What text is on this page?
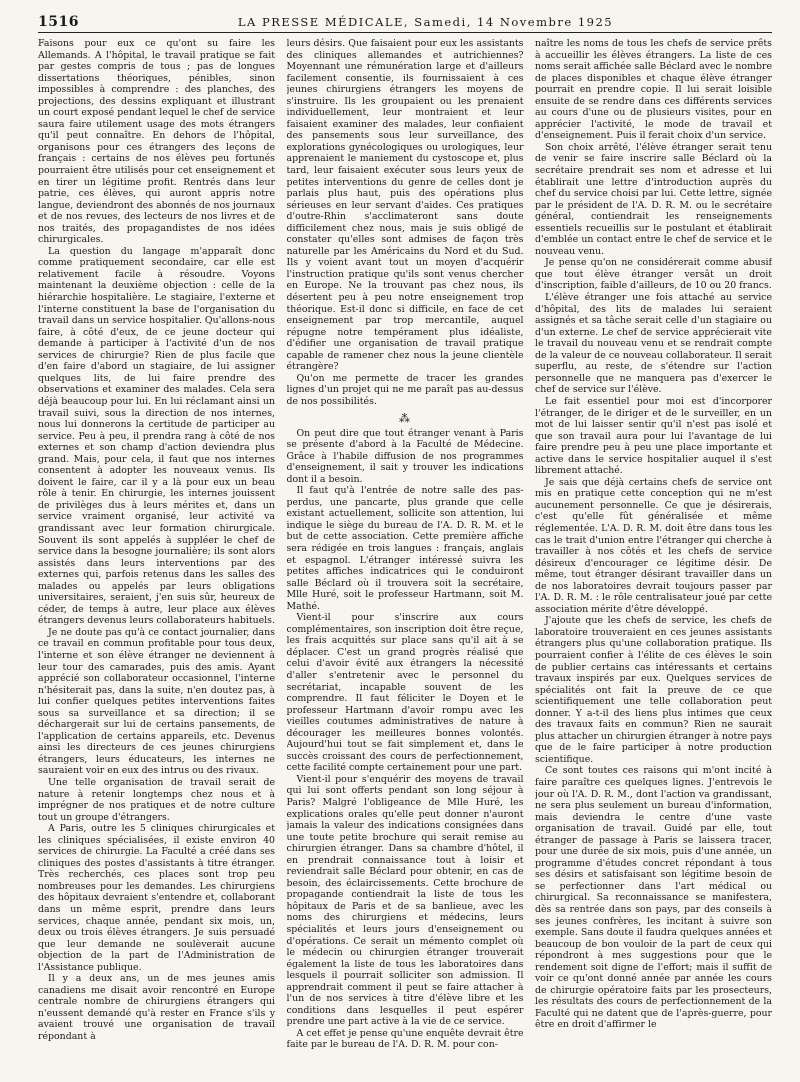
1516	LA PRESSE MÉDICALE, Samedi, 14 Novembre 1925

Faisons pour eux ce qu'ont su faire les Allemands. A l'hôpital, le travail pratique se fait par gestes compris de tous ; pas de longues dissertations théoriques, pénibles, sinon impossibles à comprendre : des planches, des projections, des dessins expliquant et illustrant un court exposé pendant lequel le chef de service saura faire utilement usage des mots étrangers qu'il peut connaître. En dehors de l'hôpital, organisons pour ces étrangers des leçons de français : certains de nos élèves peu fortunés pourraient être utilisés pour cet enseignement et en tirer un légitime profit. Rentrés dans leur patrie, ces élèves, qui auront appris notre langue, deviendront des abonnés de nos journaux et de nos revues, des lecteurs de nos livres et de nos traités, des propagandistes de nos idées chirurgicales.

La question du langage m'apparaît donc comme pratiquement secondaire, car elle est relativement facile à résoudre. Voyons maintenant la deuxième objection : celle de la hiérarchie hospitalière. Le stagiaire, l'externe et l'interne constituent la base de l'organisation du travail dans un service hospitalier. Qu'allons-nous faire, à côté d'eux, de ce jeune docteur qui demande à participer à l'activité d'un de nos services de chirurgie? Rien de plus facile que d'en faire d'abord un stagiaire, de lui assigner quelques lits, de lui faire prendre des observations et examiner des malades. Cela sera déjà beaucoup pour lui. En lui réclamant ainsi un travail suivi, sous la direction de nos internes, nous lui donnerons la certitude de participer au service. Peu à peu, il prendra rang à côté de nos externes et son champ d'action deviendra plus grand. Mais, pour cela, il faut que nos internes consentent à adopter les nouveaux venus. Ils doivent le faire, car il y a là pour eux un beau rôle à tenir. En chirurgie, les internes jouissent de privilèges dus à leurs mérites et, dans un service vraiment organisé, leur activité va grandissant avec leur formation chirurgicale. Souvent ils sont appelés à suppléer le chef de service dans la besogne journalière; ils sont alors assistés dans leurs interventions par des externes qui, parfois retenus dans les salles des malades ou appelés par leurs obligations universitaires, seraient, j'en suis sûr, heureux de céder, de temps à autre, leur place aux élèves étrangers devenus leurs collaborateurs habituels.

Je ne doute pas qu'à ce contact journalier, dans ce travail en commun profitable pour tous deux, l'interne et son élève étranger ne deviennent à leur tour des camarades, puis des amis. Ayant apprécié son collaborateur occasionnel, l'interne n'hésiterait pas, dans la suite, n'en doutez pas, à lui confier quelques petites interventions faites sous sa surveillance et sa direction; il se déchargerait sur lui de certains pansements, de l'application de certains appareils, etc. Devenus ainsi les directeurs de ces jeunes chirurgiens étrangers, leurs éducateurs, les internes ne sauraient voir en eux des intrus ou des rivaux.

Une telle organisation de travail serait de nature à retenir longtemps chez nous et à imprégner de nos pratiques et de notre culture tout un groupe d'étrangers.

A Paris, outre les 5 cliniques chirurgicales et les cliniques spécialisées, il existe environ 40 services de chirurgie. La Faculté a créé dans ses cliniques des postes d'assistants à titre étranger. Très recherchés, ces places sont trop peu nombreuses pour les demandes. Les chirurgiens des hôpitaux devraient s'entendre et, collaborant dans un même esprit, prendre dans leurs services, chaque année, pendant six mois, un, deux ou trois élèves étrangers. Je suis persuadé que leur demande ne soulèverait aucune objection de la part de l'Administration de l'Assistance publique.

Il y a deux ans, un de mes jeunes amis canadiens me disait avoir rencontré en Europe centrale nombre de chirurgiens étrangers qui n'eussent demandé qu'à rester en France s'ils y avaient trouvé une organisation de travail répondant à

leurs désirs. Que faisaient pour eux les assistants des cliniques allemandes et autrichiennes? Moyennant une rémunération large et d'ailleurs facilement consentie, ils fournissaient à ces jeunes chirurgiens étrangers les moyens de s'instruire. Ils les groupaient ou les prenaient individuellement, leur montraient et leur faisaient examiner des malades, leur confiaient des pansements sous leur surveillance, des explorations gynécologiques ou urologiques, leur apprenaient le maniement du cystoscope et, plus tard, leur faisaient exécuter sous leurs yeux de petites interventions du genre de celles dont je parlais plus haut, puis des opérations plus sérieuses en leur servant d'aides. Ces pratiques d'outre-Rhin s'acclimateront sans doute difficilement chez nous, mais je suis obligé de constater qu'elles sont admises de façon très naturelle par les Américains du Nord et du Sud. Ils y voient avant tout un moyen d'acquérir l'instruction pratique qu'ils sont venus chercher en Europe. Ne la trouvant pas chez nous, ils désertent peu à peu notre enseignement trop théorique. Est-il donc si difficile, en face de cet enseignement par trop mercantile, auquel répugne notre tempérament plus idéaliste, d'édifier une organisation de travail pratique capable de ramener chez nous la jeune clientèle étrangère?

Qu'on me permette de tracer les grandes lignes d'un projet qui ne me paraît pas au-dessus de nos possibilités.

⁂

On peut dire que tout étranger venant à Paris se présente d'abord à la Faculté de Médecine. Grâce à l'habile diffusion de nos programmes d'enseignement, il sait y trouver les indications dont il a besoin.

Il faut qu'à l'entrée de notre salle des pas-perdus, une pancarte, plus grande que celle existant actuellement, sollicite son attention, lui indique le siège du bureau de l'A. D. R. M. et le but de cette association. Cette première affiche sera rédigée en trois langues : français, anglais et espagnol. L'étranger intéressé suivra les petites affiches indicatrices qui le conduiront salle Béclard où il trouvera soit la secrétaire, Mlle Huré, soit le professeur Hartmann, soit M. Mathé.

Vient-il pour s'inscrire aux cours complémentaires, son inscription doit être reçue, les frais acquittés sur place sans qu'il ait à se déplacer. C'est un grand progrès réalisé que celui d'avoir évité aux étrangers la nécessité d'aller s'entretenir avec le personnel du secrétariat, incapable souvent de les comprendre. Il faut féliciter le Doyen et le professeur Hartmann d'avoir rompu avec les vieilles coutumes administratives de nature à décourager les meilleures bonnes volontés. Aujourd'hui tout se fait simplement et, dans le succès croissant des cours de perfectionnement, cette facilité compte certainement pour une part.

Vient-il pour s'enquérir des moyens de travail qui lui sont offerts pendant son long séjour à Paris? Malgré l'obligeance de Mlle Huré, les explications orales qu'elle peut donner n'auront jamais la valeur des indications consignées dans une toute petite brochure qui serait remise au chirurgien étranger. Dans sa chambre d'hôtel, il en prendrait connaissance tout à loisir et reviendrait salle Béclard pour obtenir, en cas de besoin, des éclaircissements. Cette brochure de propagande contiendrait la liste de tous les hôpitaux de Paris et de sa banlieue, avec les noms des chirurgiens et médecins, leurs spécialités et leurs jours d'enseignement ou d'opérations. Ce serait un mémento complet où le médecin ou chirurgien étranger trouverait également la liste de tous les laboratoires dans lesquels il pourrait solliciter son admission. Il apprendrait comment il peut se faire attacher à l'un de nos services à titre d'élève libre et les conditions dans lesquelles il peut espérer prendre une part active à la vie de ce service.

A cet effet je pense qu'une enquête devrait être faite par le bureau de l'A. D. R. M. pour con-

naître les noms de tous les chefs de service prêts à accueillir les élèves étrangers. La liste de ces noms serait affichée salle Béclard avec le nombre de places disponibles et chaque élève étranger pourrait en prendre copie. Il lui serait loisible ensuite de se rendre dans ces différents services au cours d'une ou de plusieurs visites, pour en apprécier l'activité, le mode de travail et d'enseignement. Puis il ferait choix d'un service.

Son choix arrêté, l'élève étranger serait tenu de venir se faire inscrire salle Béclard où la secrétaire prendrait ses nom et adresse et lui établirait une lettre d'introduction auprès du chef du service choisi par lui. Cette lettre, signée par le président de l'A. D. R. M. ou le secrétaire général, contiendrait les renseignements essentiels recueillis sur le postulant et établirait d'emblée un contact entre le chef de service et le nouveau venu.

Je pense qu'on ne considérerait comme abusif que tout élève étranger versât un droit d'inscription, faible d'ailleurs, de 10 ou 20 francs.

L'élève étranger une fois attaché au service d'hôpital, des lits de malades lui seraient assignés et sa tâche serait celle d'un stagiaire ou d'un externe. Le chef de service apprécierait vite le travail du nouveau venu et se rendrait compte de la valeur de ce nouveau collaborateur. Il serait superflu, au reste, de s'étendre sur l'action personnelle que ne manquera pas d'exercer le chef de service sur l'élève.

Le fait essentiel pour moi est d'incorporer l'étranger, de le diriger et de le surveiller, en un mot de lui laisser sentir qu'il n'est pas isolé et que son travail aura pour lui l'avantage de lui faire prendre peu à peu une place importante et active dans le service hospitalier auquel il s'est librement attaché.

Je sais que déjà certains chefs de service ont mis en pratique cette conception qui ne m'est aucunement personnelle. Ce que je désirerais, c'est qu'elle fût généralisée et même réglementée. L'A. D. R. M. doit être dans tous les cas le trait d'union entre l'étranger qui cherche à travailler à nos côtés et les chefs de service désireux d'encourager ce légitime désir. De même, tout étranger désirant travailler dans un de nos laboratoires devrait toujours passer par l'A. D. R. M. : le rôle centralisateur joué par cette association mérite d'être développé.

J'ajoute que les chefs de service, les chefs de laboratoire trouveraient en ces jeunes assistants étrangers plus qu'une collaboration pratique. Ils pourraient confier à l'élite de ces élèves le soin de publier certains cas intéressants et certains travaux inspirés par eux. Quelques services de spécialités ont fait la preuve de ce que scientifiquement une telle collaboration peut donner. Y a-t-il des liens plus intimes que ceux des travaux faits en commun? Rien ne saurait plus attacher un chirurgien étranger à notre pays que de le faire participer à notre production scientifique.

Ce sont toutes ces raisons qui m'ont incité à faire paraître ces quelques lignes. J'entrevois le jour où l'A. D. R. M., dont l'action va grandissant, ne sera plus seulement un bureau d'information, mais deviendra le centre d'une vaste organisation de travail. Guidé par elle, tout étranger de passage à Paris se laissera tracer, pour une durée de six mois, puis d'une année, un programme d'études concret répondant à tous ses désirs et satisfaisant son légitime besoin de se perfectionner dans l'art médical ou chirurgical. Sa reconnaissance se manifestera, dès sa rentrée dans son pays, par des conseils à ses jeunes confrères, les incitant à suivre son exemple. Sans doute il faudra quelques années et beaucoup de bon vouloir de la part de ceux qui répondront à mes suggestions pour que le rendement soit digne de l'effort; mais il suffit de voir ce qu'ont donné année par année les cours de chirurgie opératoire faits par les prosecteurs, les résultats des cours de perfectionnement de la Faculté qui ne datent que de l'après-guerre, pour être en droit d'affirmer le
